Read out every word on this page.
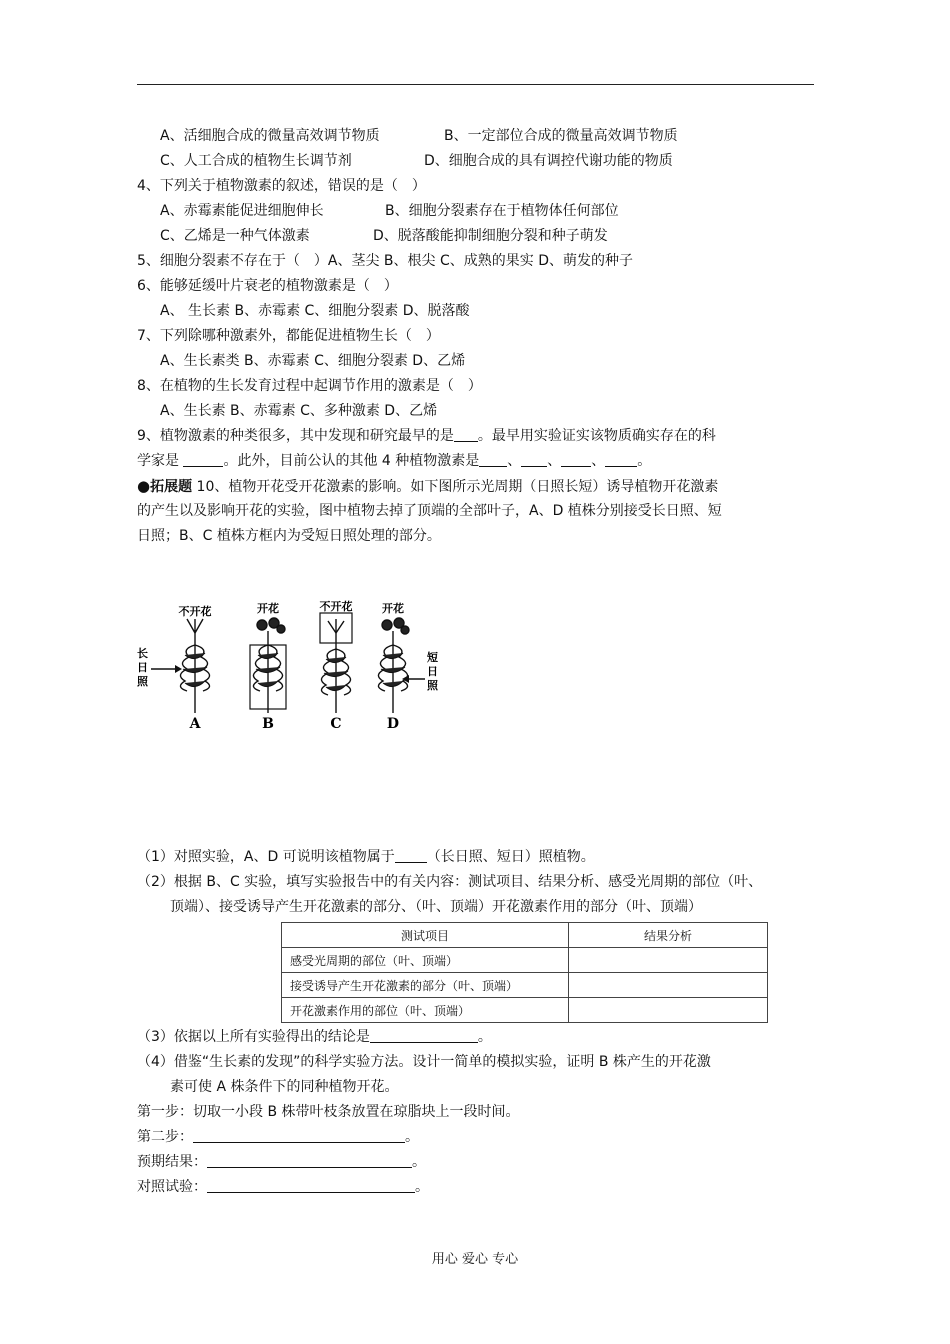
A、活细胞合成的微量高效调节物质	B、一定部位合成的微量高效调节物质
C、人工合成的植物生长调节剂	D、细胞合成的具有调控代谢功能的物质
4、下列关于植物激素的叙述，错误的是（　）
A、赤霉素能促进细胞伸长	B、细胞分裂素存在于植物体任何部位
C、乙烯是一种气体激素	D、脱落酸能抑制细胞分裂和种子萌发
5、细胞分裂素不存在于（　）A、茎尖 B、根尖 C、成熟的果实 D、萌发的种子
6、能够延缓叶片衰老的植物激素是（　）
A、 生长素 B、赤霉素 C、细胞分裂素 D、脱落酸
7、下列除哪种激素外，都能促进植物生长（　）
A、生长素类 B、赤霉素 C、细胞分裂素 D、乙烯
8、在植物的生长发育过程中起调节作用的激素是（　）
A、生长素 B、赤霉素 C、多种激素 D、乙烯
9、植物激素的种类很多，其中发现和研究最早的是 。最早用实验证实该物质确实存在的科
学家是	。此外，目前公认的其他 4 种植物激素是 、 、 、 。
●拓展题 10、植物开花受开花激素的影响。如下图所示光周期（日照长短）诱导植物开花激素
的产生以及影响开花的实验，图中植物去掉了顶端的全部叶子，A、D 植株分别接受长日照、短
日照；B、C 植株方框内为受短日照处理的部分。
不开花	开花	不开花	开花
长
日
照
短
日
照
A	B	C	D
（1）对照实验，A、D 可说明该植物属于 （长日照、短日）照植物。
（2）根据 B、C 实验，填写实验报告中的有关内容：测试项目、结果分析、感受光周期的部位（叶、
顶端）、接受诱导产生开花激素的部分、（叶、顶端）开花激素作用的部分（叶、顶端）
测试项目	结果分析
感受光周期的部位（叶、顶端）	
接受诱导产生开花激素的部分（叶、顶端）	
开花激素作用的部位（叶、顶端）	
（3）依据以上所有实验得出的结论是	。
（4）借鉴“生长素的发现”的科学实验方法。设计一简单的模拟实验，证明 B 株产生的开花激
素可使 A 株条件下的同种植物开花。
第一步：切取一小段 B 株带叶枝条放置在琼脂块上一段时间。
第二步：	。
预期结果：	。
对照试验：	。
用心 爱心 专心
